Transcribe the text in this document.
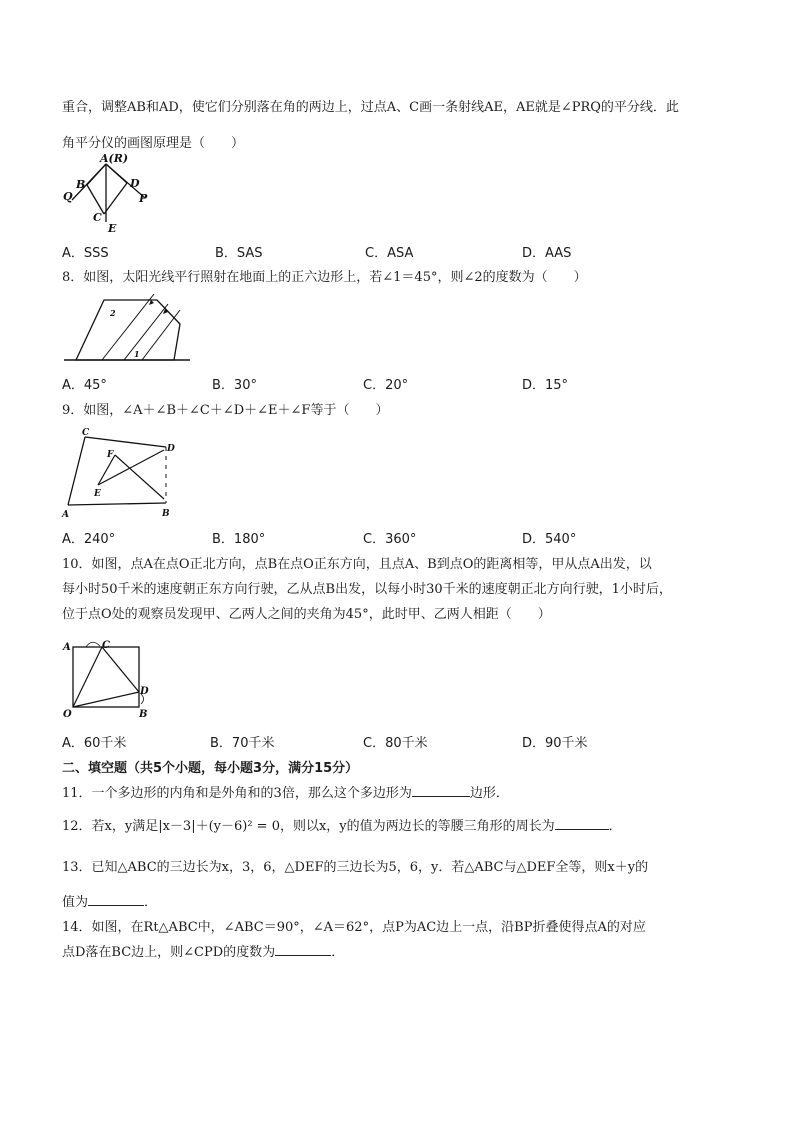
重合，调整AB和AD，使它们分别落在角的两边上，过点A、C画一条射线AE，AE就是∠PRQ的平分线．此
角平分仪的画图原理是（　　）
A(R)
B
Q
D
P
C
E
A．SSS	B．SAS	C．ASA	D．AAS
8．如图，太阳光线平行照射在地面上的正六边形上，若∠1＝45°，则∠2的度数为（　　）
2
1
A．45°	B．30°	C．20°	D．15°
9．如图，∠A＋∠B＋∠C＋∠D＋∠E＋∠F等于（　　）
A	B
C
D
E
F
A．240°	B．180°	C．360°	D．540°
10．如图，点A在点O正北方向，点B在点O正东方向，且点A、B到点O的距离相等，甲从点A出发，以
每小时50千米的速度朝正东方向行驶，乙从点B出发，以每小时30千米的速度朝正北方向行驶，1小时后，
位于点O处的观察员发现甲、乙两人之间的夹角为45°，此时甲、乙两人相距（　　）
A	C
D
O	B
A．60千米	B．70千米	C．80千米	D．90千米
二、填空题（共5个小题，每小题3分，满分15分）
11．一个多边形的内角和是外角和的3倍，那么这个多边形为	边形．
12．若x，y满足|x－3|＋(y－6)² = 0，则以x，y的值为两边长的等腰三角形的周长为	．
13．已知△ABC的三边长为x，3，6，△DEF的三边长为5，6，y．若△ABC与△DEF全等，则x＋y的
值为	．
14．如图，在Rt△ABC中，∠ABC＝90°，∠A＝62°，点P为AC边上一点，沿BP折叠使得点A的对应
点D落在BC边上，则∠CPD的度数为	．
